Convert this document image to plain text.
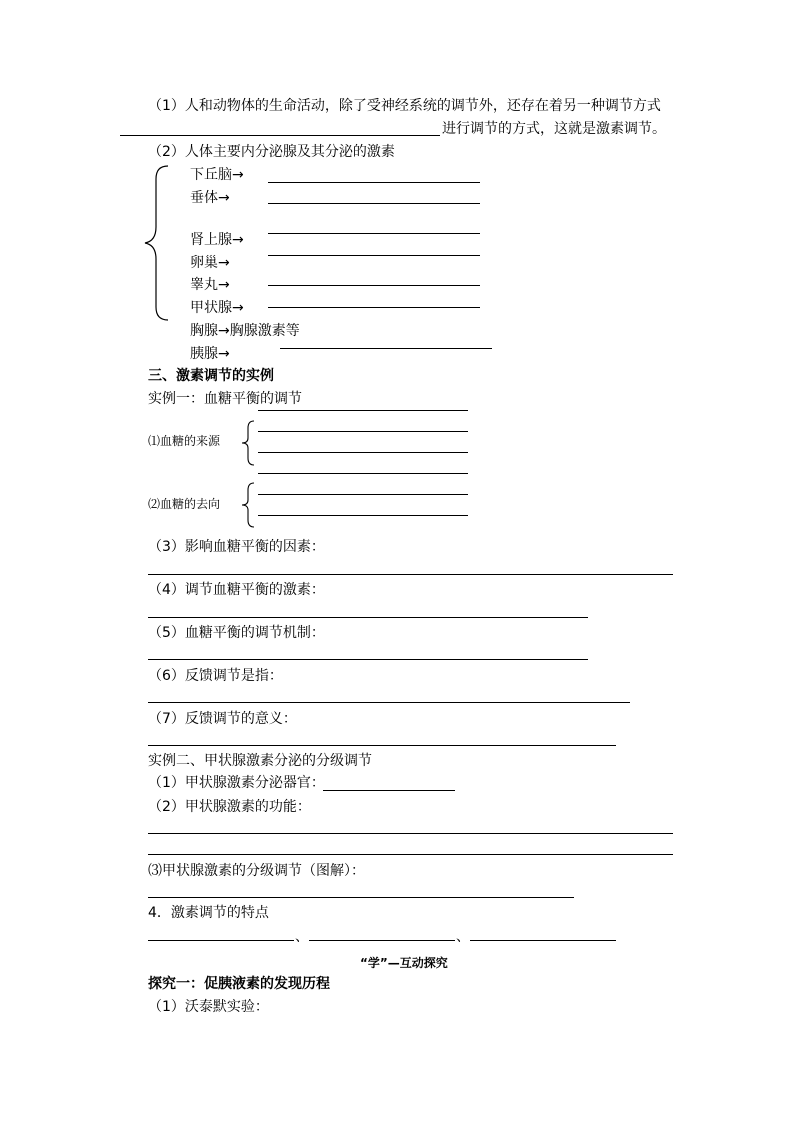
（1）人和动物体的生命活动，除了受神经系统的调节外，还存在着另一种调节方式
进行调节的方式，这就是激素调节。
（2）人体主要内分泌腺及其分泌的激素
下丘脑→
垂体→
肾上腺→
卵巢→
睾丸→
甲状腺→
胸腺→胸腺激素等
胰腺→
三、激素调节的实例
实例一：血糖平衡的调节
⑴血糖的来源
⑵血糖的去向
（3）影响血糖平衡的因素：
（4）调节血糖平衡的激素：
（5）血糖平衡的调节机制：
（6）反馈调节是指：
（7）反馈调节的意义：
实例二、甲状腺激素分泌的分级调节
（1）甲状腺激素分泌器官：
（2）甲状腺激素的功能：
⑶甲状腺激素的分级调节（图解）：
4．激素调节的特点
、	、
“学”—互动探究
探究一：促胰液素的发现历程
（1）沃泰默实验：
